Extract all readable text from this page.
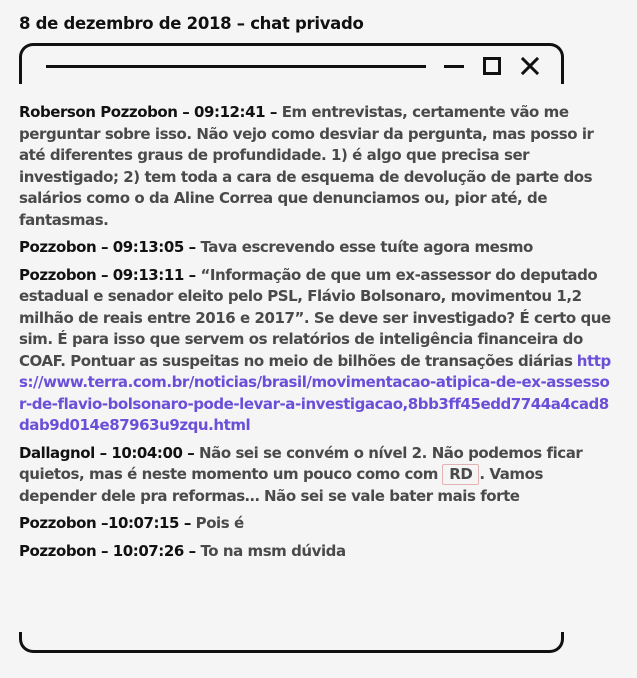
8 de dezembro de 2018 – chat privado

Roberson Pozzobon – 09:12:41 – Em entrevistas, certamente vão me perguntar sobre isso. Não vejo como desviar da pergunta, mas posso ir até diferentes graus de profundidade. 1) é algo que precisa ser investigado; 2) tem toda a cara de esquema de devolução de parte dos salários como o da Aline Correa que denunciamos ou, pior até, de fantasmas.

Pozzobon – 09:13:05 – Tava escrevendo esse tuíte agora mesmo

Pozzobon – 09:13:11 – “Informação de que um ex-assessor do deputado estadual e senador eleito pelo PSL, Flávio Bolsonaro, movimentou 1,2 milhão de reais entre 2016 e 2017”. Se deve ser investigado? É certo que sim. É para isso que servem os relatórios de inteligência financeira do COAF. Pontuar as suspeitas no meio de bilhões de transações diárias https://www.terra.com.br/noticias/brasil/movimentacao-atipica-de-ex-assessor-de-flavio-bolsonaro-pode-levar-a-investigacao,8bb3ff45edd7744a4cad8dab9d014e87963u9zqu.html

Dallagnol – 10:04:00 – Não sei se convém o nível 2. Não podemos ficar quietos, mas é neste momento um pouco como com RD . Vamos depender dele pra reformas… Não sei se vale bater mais forte

Pozzobon –10:07:15 – Pois é

Pozzobon – 10:07:26 – To na msm dúvida
